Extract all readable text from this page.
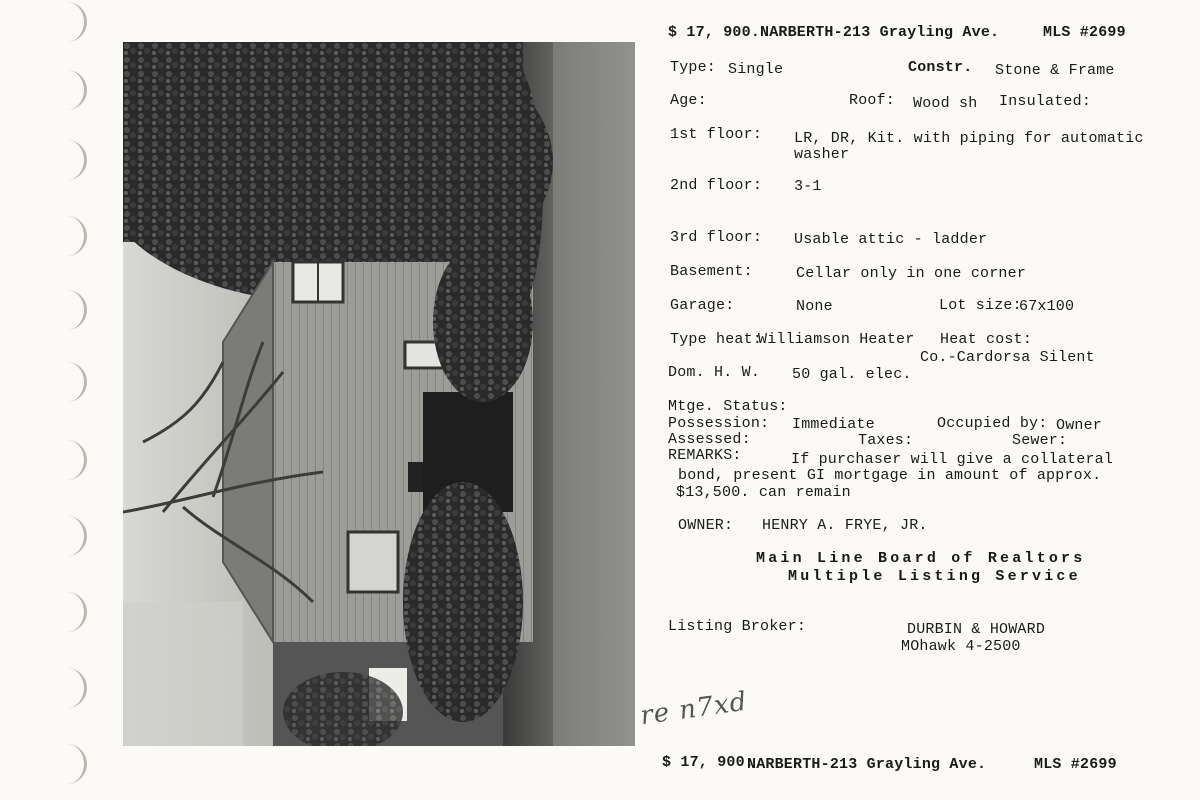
$ 17, 900. NARBERTH-213 Grayling Ave.	MLS #2699
Type: Single	Constr. Stone & Frame
Age:	Roof: Wood sh Insulated:
1st floor: LR, DR, Kit. with piping for automatic
washer
2nd floor: 3-1
3rd floor: Usable attic - ladder
Basement:	Cellar only in one corner
Garage:	None	Lot size:
67x100
Type heat:
Williamson Heater Heat cost:
Co.-Cardorsa Silent
Dom. H. W. 50 gal. elec.
Mtge. Status:
Possession: Immediate	Occupied by: Owner
Assessed:	Taxes:	Sewer:
REMARKS:	If purchaser will give a collateral
bond, present GI mortgage in amount of approx.
$13,500. can remain
OWNER: HENRY A. FRYE, JR.
Main Line Board of Realtors
Multiple Listing Service
Listing Broker:	DURBIN & HOWARD
MOhawk 4-2500
re n7xd
$ 17, 900.
NARBERTH-213 Grayling Ave.	MLS #2699
